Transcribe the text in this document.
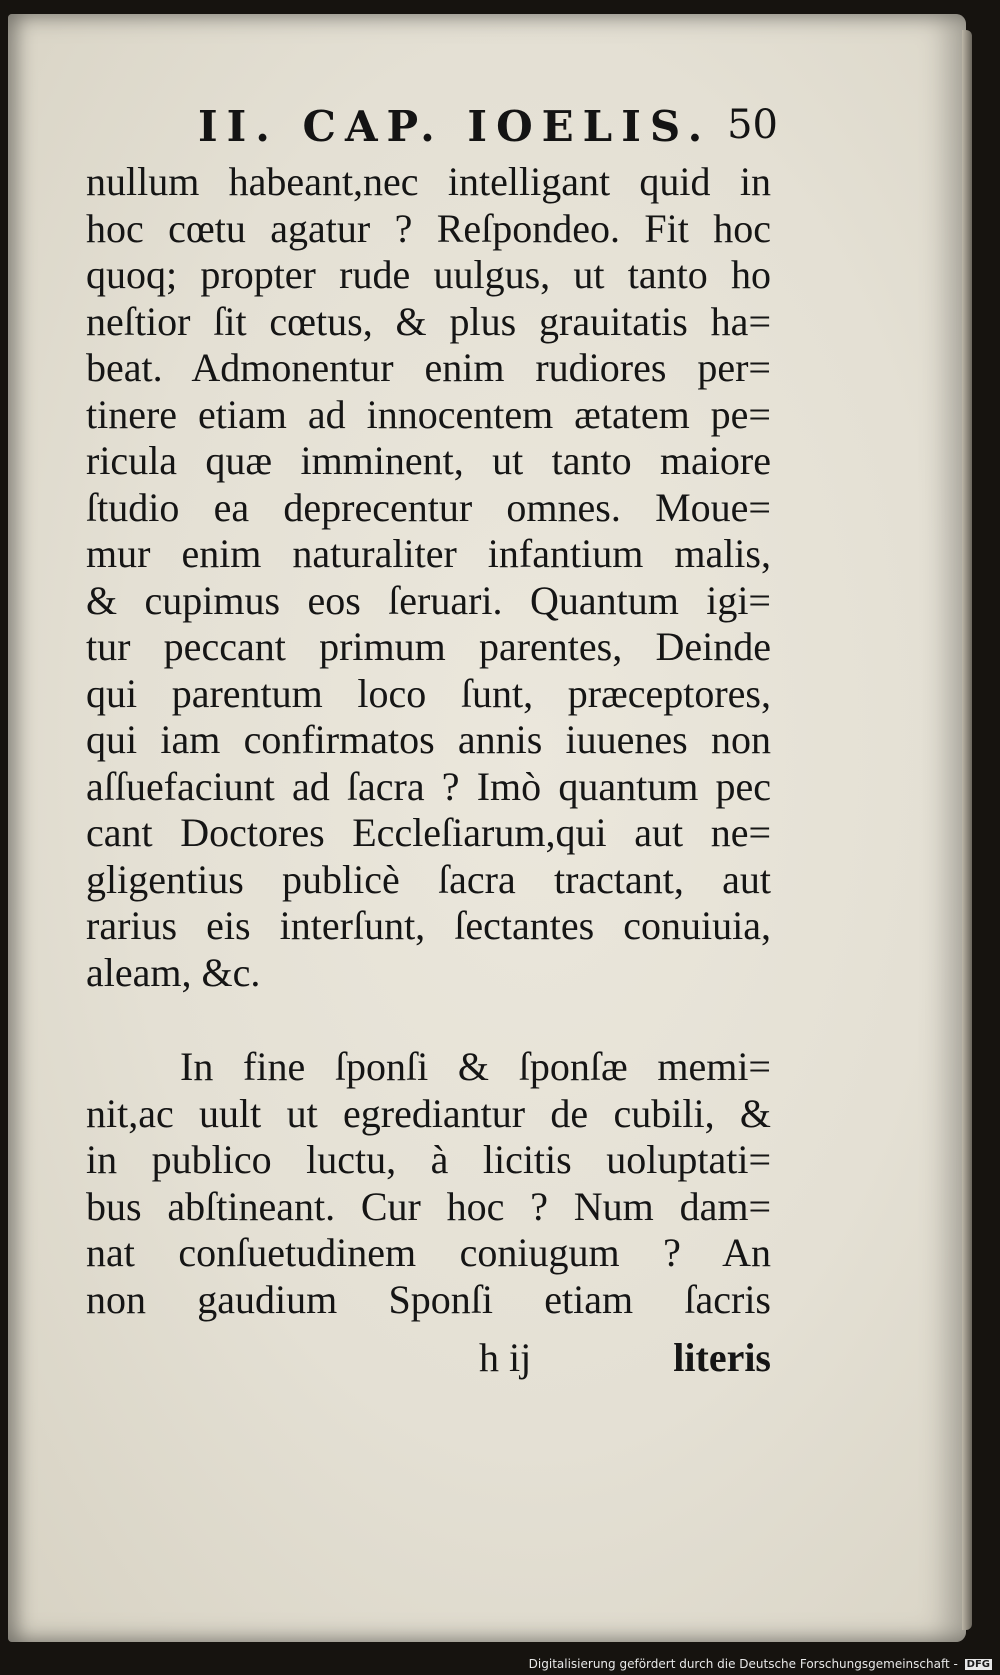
II. CAP. IOELIS. 50
nullum habeant,nec intelligant quid in
hoc cœtu agatur ? Reſpondeo. Fit hoc
quoq; propter rude uulgus, ut tanto ho
neſtior ſit cœtus, & plus grauitatis ha=
beat. Admonentur enim rudiores per=
tinere etiam ad innocentem ætatem pe=
ricula quæ imminent, ut tanto maiore
ſtudio ea deprecentur omnes. Moue=
mur enim naturaliter infantium malis,
& cupimus eos ſeruari. Quantum igi=
tur peccant primum parentes, Deinde
qui parentum loco ſunt, præceptores,
qui iam confirmatos annis iuuenes non
aſſuefaciunt ad ſacra ? Imò quantum pec
cant Doctores Eccleſiarum,qui aut ne=
gligentius publicè ſacra tractant, aut
rarius eis interſunt, ſectantes conuiuia,
aleam, &c.
In fine ſponſi & ſponſæ memi=
nit,ac uult ut egrediantur de cubili, &
in publico luctu, à licitis uoluptati=
bus abſtineant. Cur hoc ? Num dam=
nat conſuetudinem coniugum ? An
non gaudium Sponſi etiam ſacris
h ij	literis
Digitalisierung gefördert durch die Deutsche Forschungsgemeinschaft - DFG
